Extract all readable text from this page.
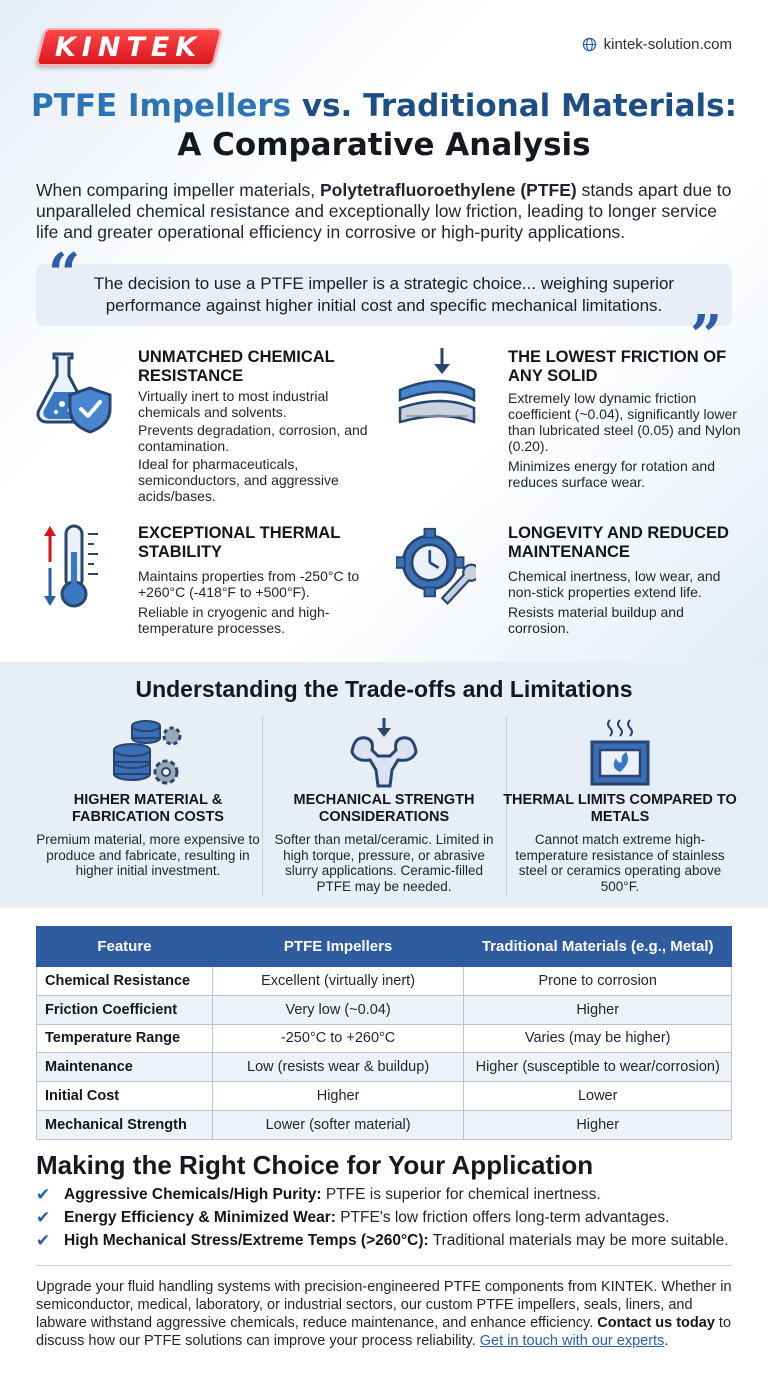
KINTEK	kintek-solution.com
PTFE Impellers vs. Traditional Materials:
A Comparative Analysis
When comparing impeller materials, Polytetrafluoroethylene (PTFE) stands apart due to unparalleled chemical resistance and exceptionally low friction, leading to longer service life and greater operational efficiency in corrosive or high-purity applications.
The decision to use a PTFE impeller is a strategic choice... weighing superior performance against higher initial cost and specific mechanical limitations.
“
”
UNMATCHED CHEMICAL RESISTANCE

Virtually inert to most industrial chemicals and solvents.

Prevents degradation, corrosion, and contamination.

Ideal for pharmaceuticals, semiconductors, and aggressive acids/bases.

THE LOWEST FRICTION OF ANY SOLID

Extremely low dynamic friction coefficient (~0.04), significantly lower than lubricated steel (0.05) and Nylon (0.20).

Minimizes energy for rotation and reduces surface wear.

EXCEPTIONAL THERMAL STABILITY

Maintains properties from -250°C to +260°C (-418°F to +500°F).

Reliable in cryogenic and high-temperature processes.

LONGEVITY AND REDUCED MAINTENANCE

Chemical inertness, low wear, and non-stick properties extend life.

Resists material buildup and corrosion.

Understanding the Trade-offs and Limitations
HIGHER MATERIAL & FABRICATION COSTS

Premium material, more expensive to produce and fabricate, resulting in higher initial investment.

MECHANICAL STRENGTH CONSIDERATIONS

Softer than metal/ceramic. Limited in high torque, pressure, or abrasive slurry applications. Ceramic-filled PTFE may be needed.

THERMAL LIMITS COMPARED TO METALS

Cannot match extreme high-temperature resistance of stainless steel or ceramics operating above 500°F.

Feature	PTFE Impellers	Traditional Materials (e.g., Metal)
Chemical Resistance	Excellent (virtually inert)	Prone to corrosion
Friction Coefficient	Very low (~0.04)	Higher
Temperature Range	-250°C to +260°C	Varies (may be higher)
Maintenance	Low (resists wear & buildup)	Higher (susceptible to wear/corrosion)
Initial Cost	Higher	Lower
Mechanical Strength	Lower (softer material)	Higher
Making the Right Choice for Your Application
✔ Aggressive Chemicals/High Purity: PTFE is superior for chemical inertness.
✔ Energy Efficiency & Minimized Wear: PTFE's low friction offers long-term advantages.
✔ High Mechanical Stress/Extreme Temps (>260°C): Traditional materials may be more suitable.
Upgrade your fluid handling systems with precision-engineered PTFE components from KINTEK. Whether in semiconductor, medical, laboratory, or industrial sectors, our custom PTFE impellers, seals, liners, and labware withstand aggressive chemicals, reduce maintenance, and enhance efficiency. Contact us today to discuss how our PTFE solutions can improve your process reliability. Get in touch with our experts.
